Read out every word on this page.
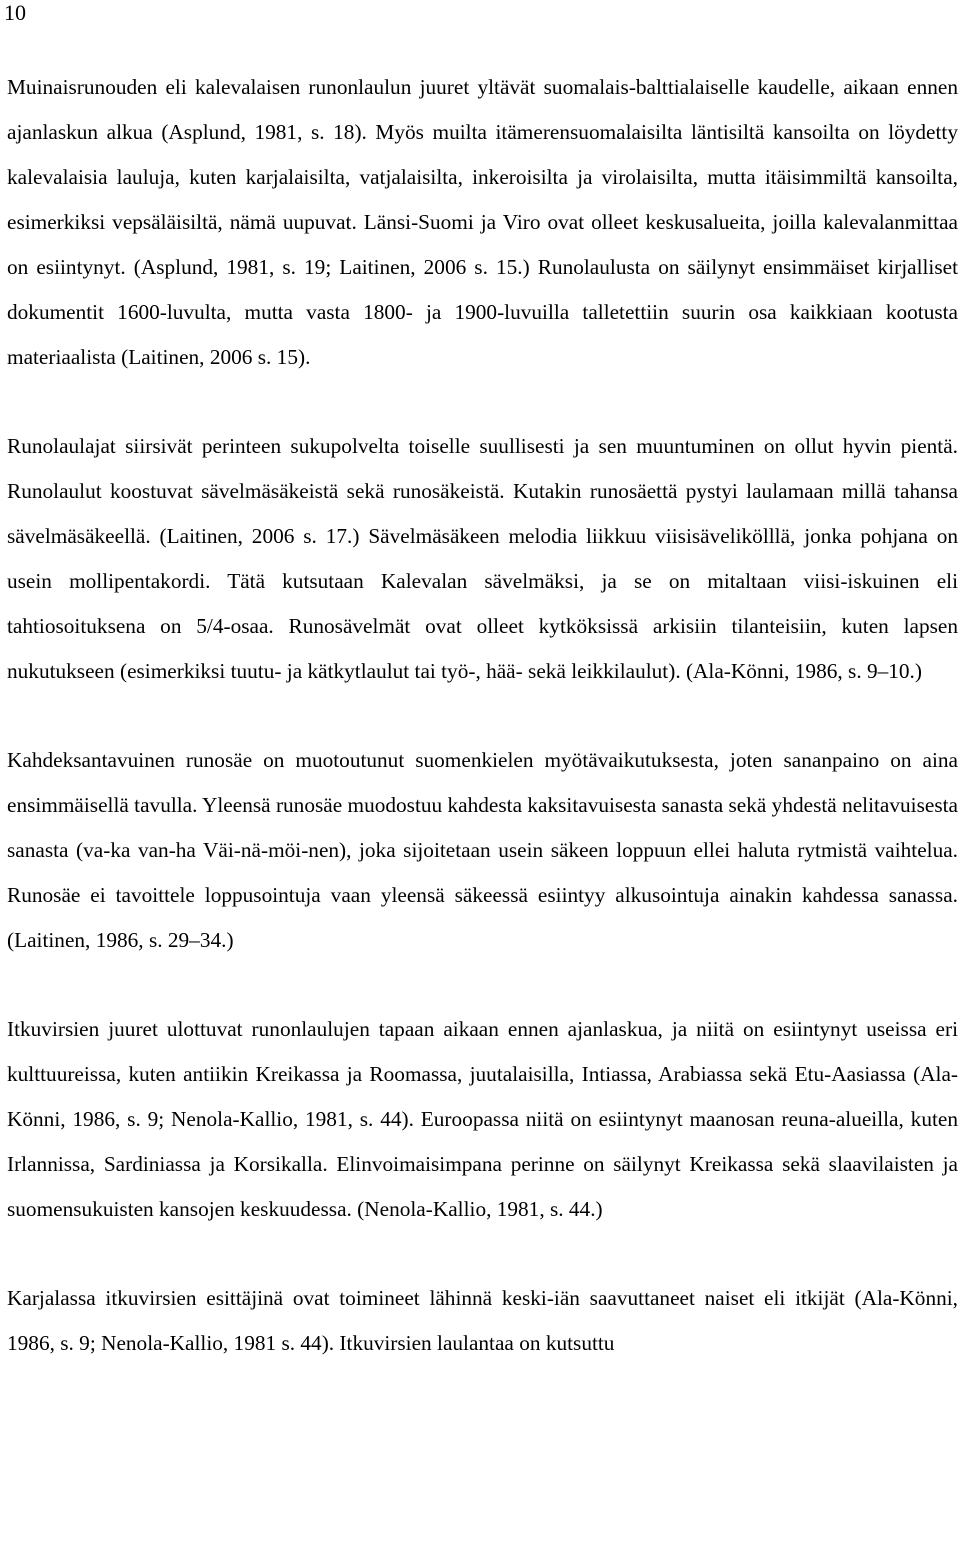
10

Muinaisrunouden eli kalevalaisen runonlaulun juuret yltävät suomalais-balttialaiselle kaudelle, aikaan ennen ajanlaskun alkua (Asplund, 1981, s. 18). Myös muilta itämerensuomalaisilta läntisiltä kansoilta on löydetty kalevalaisia lauluja, kuten karjalaisilta, vatjalaisilta, inkeroisilta ja virolaisilta, mutta itäisimmiltä kansoilta, esimerkiksi vepsäläisiltä, nämä uupuvat. Länsi-Suomi ja Viro ovat olleet keskusalueita, joilla kalevalanmittaa on esiintynyt. (Asplund, 1981, s. 19; Laitinen, 2006 s. 15.) Runolaulusta on säilynyt ensimmäiset kirjalliset dokumentit 1600-luvulta, mutta vasta 1800- ja 1900-luvuilla talletettiin suurin osa kaikkiaan kootusta materiaalista (Laitinen, 2006 s. 15).

Runolaulajat siirsivät perinteen sukupolvelta toiselle suullisesti ja sen muuntuminen on ollut hyvin pientä. Runolaulut koostuvat sävelmäsäkeistä sekä runosäkeistä. Kutakin runosäettä pystyi laulamaan millä tahansa sävelmäsäkeellä. (Laitinen, 2006 s. 17.) Sävelmäsäkeen melodia liikkuu viisisävelikölllä, jonka pohjana on usein mollipentakordi. Tätä kutsutaan Kalevalan sävelmäksi, ja se on mitaltaan viisi-iskuinen eli tahtiosoituksena on 5/4-osaa. Runosävelmät ovat olleet kytköksissä arkisiin tilanteisiin, kuten lapsen nukutukseen (esimerkiksi tuutu- ja kätkytlaulut tai työ-, hää- sekä leikkilaulut). (Ala-Könni, 1986, s. 9–10.)

Kahdeksantavuinen runosäe on muotoutunut suomenkielen myötävaikutuksesta, joten sananpaino on aina ensimmäisellä tavulla. Yleensä runosäe muodostuu kahdesta kaksitavuisesta sanasta sekä yhdestä nelitavuisesta sanasta (va-ka van-ha Väi-nä-möi-nen), joka sijoitetaan usein säkeen loppuun ellei haluta rytmistä vaihtelua. Runosäe ei tavoittele loppusointuja vaan yleensä säkeessä esiintyy alkusointuja ainakin kahdessa sanassa. (Laitinen, 1986, s. 29–34.)

Itkuvirsien juuret ulottuvat runonlaulujen tapaan aikaan ennen ajanlaskua, ja niitä on esiintynyt useissa eri kulttuureissa, kuten antiikin Kreikassa ja Roomassa, juutalaisilla, Intiassa, Arabiassa sekä Etu-Aasiassa (Ala-Könni, 1986, s. 9; Nenola-Kallio, 1981, s. 44). Euroopassa niitä on esiintynyt maanosan reuna-alueilla, kuten Irlannissa, Sardiniassa ja Korsikalla. Elinvoimaisimpana perinne on säilynyt Kreikassa sekä slaavilaisten ja suomensukuisten kansojen keskuudessa. (Nenola-Kallio, 1981, s. 44.)

Karjalassa itkuvirsien esittäjinä ovat toimineet lähinnä keski-iän saavuttaneet naiset eli itkijät (Ala-Könni, 1986, s. 9; Nenola-Kallio, 1981 s. 44). Itkuvirsien laulantaa on kutsuttu
